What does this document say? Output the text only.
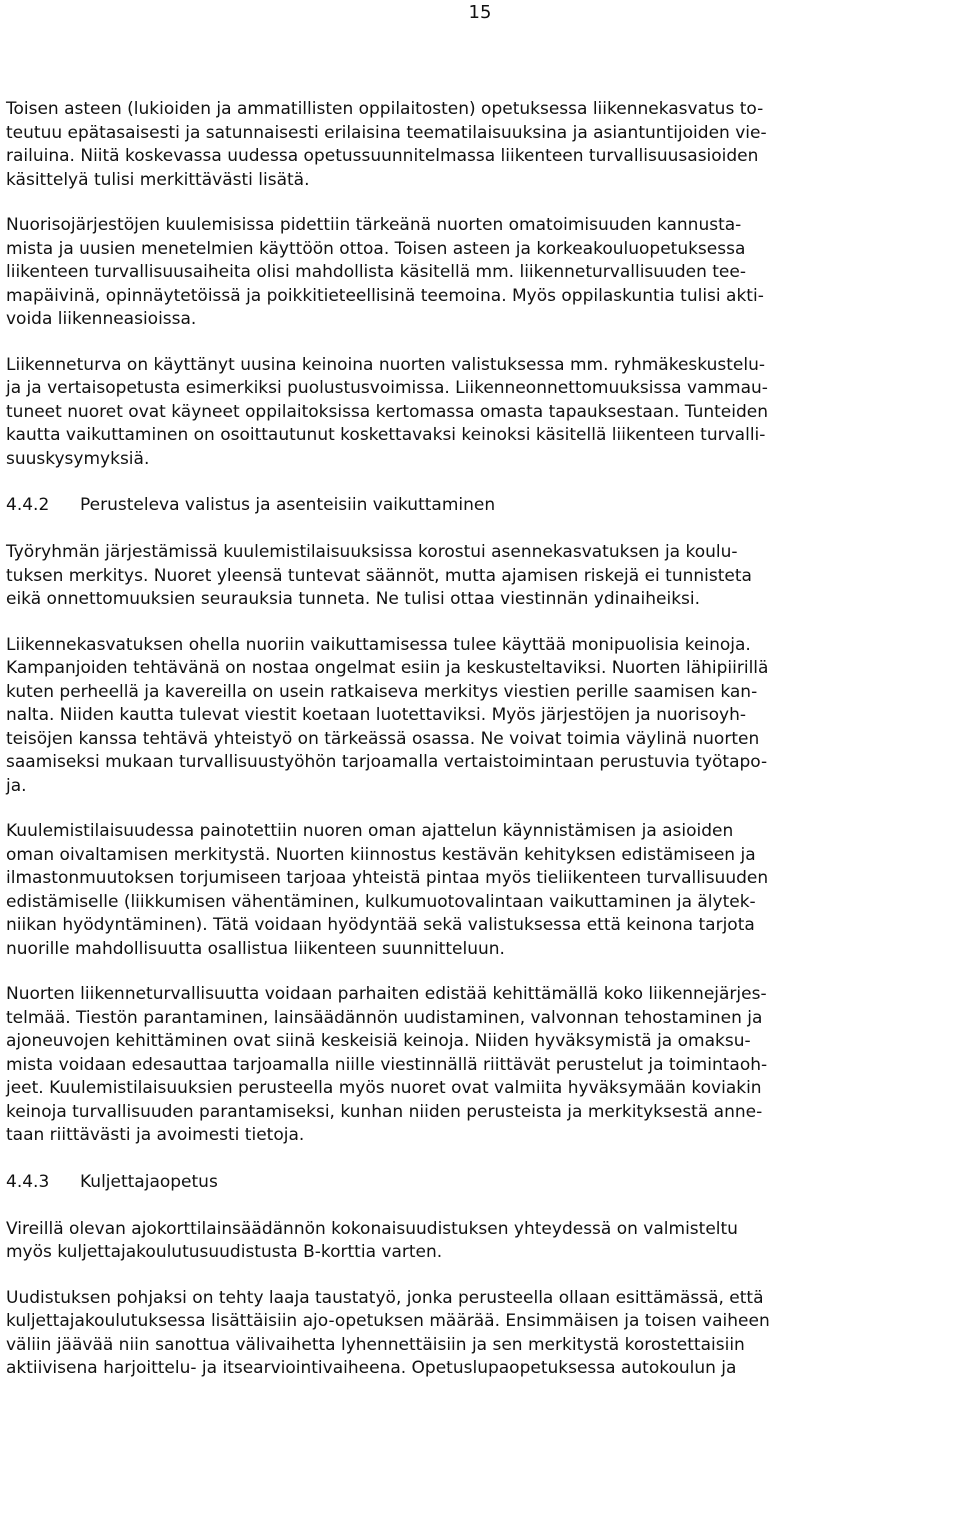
15
Toisen asteen (lukioiden ja ammatillisten oppilaitosten) opetuksessa liikennekasvatus to-
teutuu epätasaisesti ja satunnaisesti erilaisina teematilaisuuksina ja asiantuntijoiden vie-
railuina. Niitä koskevassa uudessa opetussuunnitelmassa liikenteen turvallisuusasioiden
käsittelyä tulisi merkittävästi lisätä.
Nuorisojärjestöjen kuulemisissa pidettiin tärkeänä nuorten omatoimisuuden kannusta-
mista ja uusien menetelmien käyttöön ottoa. Toisen asteen ja korkeakouluopetuksessa
liikenteen turvallisuusaiheita olisi mahdollista käsitellä mm. liikenneturvallisuuden tee-
mapäivinä, opinnäytetöissä ja poikkitieteellisinä teemoina. Myös oppilaskuntia tulisi akti-
voida liikenneasioissa.
Liikenneturva on käyttänyt uusina keinoina nuorten valistuksessa mm. ryhmäkeskustelu-
ja ja vertaisopetusta esimerkiksi puolustusvoimissa. Liikenneonnettomuuksissa vammau-
tuneet nuoret ovat käyneet oppilaitoksissa kertomassa omasta tapauksestaan. Tunteiden
kautta vaikuttaminen on osoittautunut koskettavaksi keinoksi käsitellä liikenteen turvalli-
suuskysymyksiä.
4.4.2 Perusteleva valistus ja asenteisiin vaikuttaminen
Työryhmän järjestämissä kuulemistilaisuuksissa korostui asennekasvatuksen ja koulu-
tuksen merkitys. Nuoret yleensä tuntevat säännöt, mutta ajamisen riskejä ei tunnisteta
eikä onnettomuuksien seurauksia tunneta. Ne tulisi ottaa viestinnän ydinaiheiksi.
Liikennekasvatuksen ohella nuoriin vaikuttamisessa tulee käyttää monipuolisia keinoja.
Kampanjoiden tehtävänä on nostaa ongelmat esiin ja keskusteltaviksi. Nuorten lähipiirillä
kuten perheellä ja kavereilla on usein ratkaiseva merkitys viestien perille saamisen kan-
nalta. Niiden kautta tulevat viestit koetaan luotettaviksi. Myös järjestöjen ja nuorisoyh-
teisöjen kanssa tehtävä yhteistyö on tärkeässä osassa. Ne voivat toimia väylinä nuorten
saamiseksi mukaan turvallisuustyöhön tarjoamalla vertaistoimintaan perustuvia työtapo-
ja.
Kuulemistilaisuudessa painotettiin nuoren oman ajattelun käynnistämisen ja asioiden
oman oivaltamisen merkitystä. Nuorten kiinnostus kestävän kehityksen edistämiseen ja
ilmastonmuutoksen torjumiseen tarjoaa yhteistä pintaa myös tieliikenteen turvallisuuden
edistämiselle (liikkumisen vähentäminen, kulkumuotovalintaan vaikuttaminen ja älytek-
niikan hyödyntäminen). Tätä voidaan hyödyntää sekä valistuksessa että keinona tarjota
nuorille mahdollisuutta osallistua liikenteen suunnitteluun.
Nuorten liikenneturvallisuutta voidaan parhaiten edistää kehittämällä koko liikennejärjes-
telmää. Tiestön parantaminen, lainsäädännön uudistaminen, valvonnan tehostaminen ja
ajoneuvojen kehittäminen ovat siinä keskeisiä keinoja. Niiden hyväksymistä ja omaksu-
mista voidaan edesauttaa tarjoamalla niille viestinnällä riittävät perustelut ja toimintaoh-
jeet. Kuulemistilaisuuksien perusteella myös nuoret ovat valmiita hyväksymään koviakin
keinoja turvallisuuden parantamiseksi, kunhan niiden perusteista ja merkityksestä anne-
taan riittävästi ja avoimesti tietoja.
4.4.3 Kuljettajaopetus
Vireillä olevan ajokorttilainsäädännön kokonaisuudistuksen yhteydessä on valmisteltu
myös kuljettajakoulutusuudistusta B-korttia varten.
Uudistuksen pohjaksi on tehty laaja taustatyö, jonka perusteella ollaan esittämässä, että
kuljettajakoulutuksessa lisättäisiin ajo-opetuksen määrää. Ensimmäisen ja toisen vaiheen
väliin jäävää niin sanottua välivaihetta lyhennettäisiin ja sen merkitystä korostettaisiin
aktiivisena harjoittelu- ja itsearviointivaiheena. Opetuslupaopetuksessa autokoulun ja
